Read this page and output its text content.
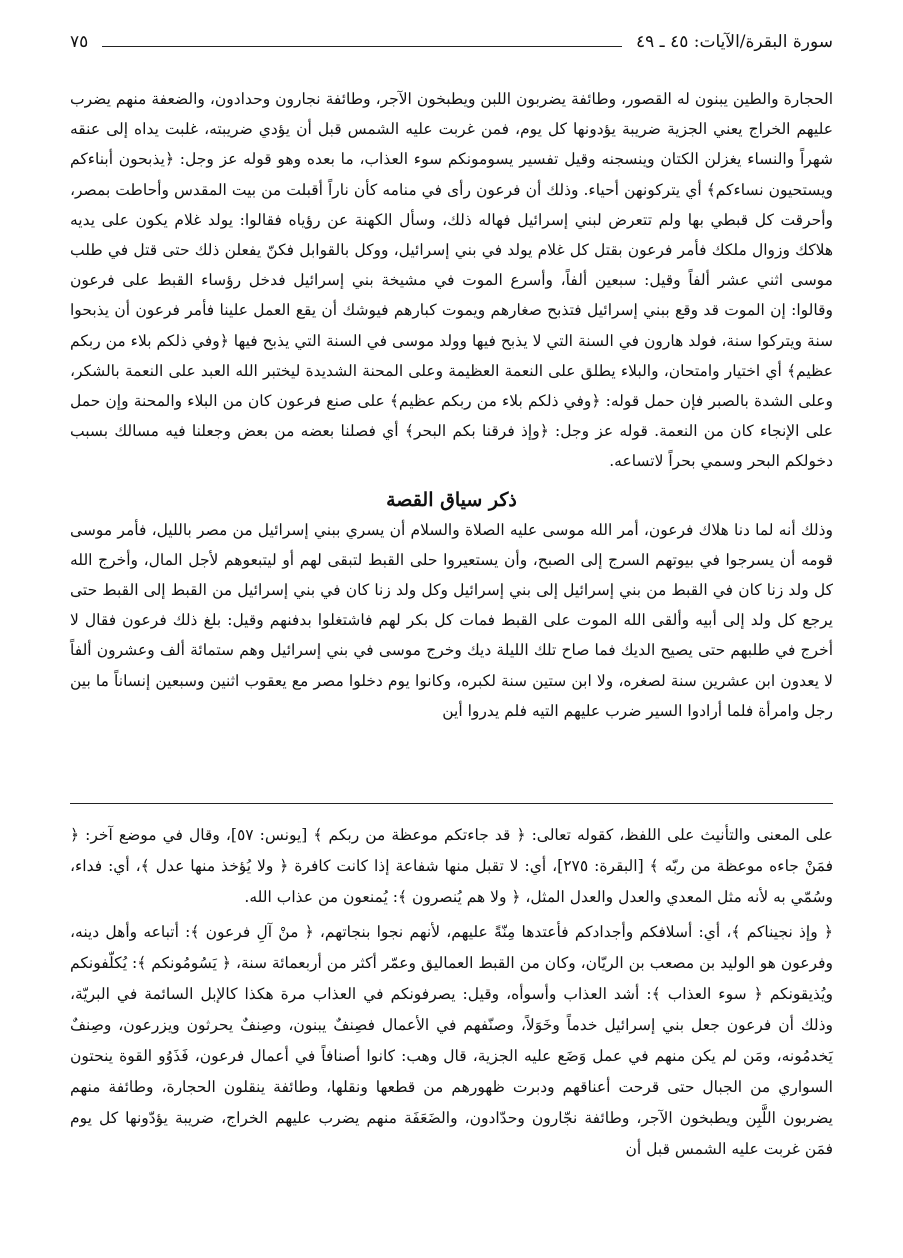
سورة البقرة/الآيات: ٤٥ ـ ٤٩
٧٥

الحجارة والطين يبنون له القصور، وطائفة يضربون اللبن ويطبخون الآجر، وطائفة نجارون وحدادون، والضعفة منهم يضرب عليهم الخراج يعني الجزية ضريبة يؤدونها كل يوم، فمن غربت عليه الشمس قبل أن يؤدي ضريبته، غلبت يداه إلى عنقه شهراً والنساء يغزلن الكتان وينسجنه وقيل تفسير يسومونكم سوء العذاب، ما بعده وهو قوله عز وجل: ﴿يذبحون أبناءكم ويستحيون نساءكم﴾ أي يتركونهن أحياء. وذلك أن فرعون رأى في منامه كأن ناراً أقبلت من بيت المقدس وأحاطت بمصر، وأحرقت كل قبطي بها ولم تتعرض لبني إسرائيل فهاله ذلك، وسأل الكهنة عن رؤياه فقالوا: يولد غلام يكون على يديه هلاكك وزوال ملكك فأمر فرعون بقتل كل غلام يولد في بني إسرائيل، ووكل بالقوابل فكنّ يفعلن ذلك حتى قتل في طلب موسى اثني عشر ألفاً وقيل: سبعين ألفاً، وأسرع الموت في مشيخة بني إسرائيل فدخل رؤساء القبط على فرعون وقالوا: إن الموت قد وقع ببني إسرائيل فتذبح صغارهم ويموت كبارهم فيوشك أن يقع العمل علينا فأمر فرعون أن يذبحوا سنة ويتركوا سنة، فولد هارون في السنة التي لا يذبح فيها وولد موسى في السنة التي يذبح فيها ﴿وفي ذلكم بلاء من ربكم عظيم﴾ أي اختيار وامتحان، والبلاء يطلق على النعمة العظيمة وعلى المحنة الشديدة ليختبر الله العبد على النعمة بالشكر، وعلى الشدة بالصبر فإن حمل قوله: ﴿وفي ذلكم بلاء من ربكم عظيم﴾ على صنع فرعون كان من البلاء والمحنة وإن حمل على الإنجاء كان من النعمة. قوله عز وجل: ﴿وإذ فرقنا بكم البحر﴾ أي فصلنا بعضه من بعض وجعلنا فيه مسالك بسبب دخولكم البحر وسمي بحراً لاتساعه.

ذكر سياق القصة

وذلك أنه لما دنا هلاك فرعون، أمر الله موسى عليه الصلاة والسلام أن يسري ببني إسرائيل من مصر بالليل، فأمر موسى قومه أن يسرجوا في بيوتهم السرج إلى الصبح، وأن يستعيروا حلى القبط لتبقى لهم أو ليتبعوهم لأجل المال، وأخرج الله كل ولد زنا كان في القبط من بني إسرائيل إلى بني إسرائيل وكل ولد زنا كان في بني إسرائيل من القبط إلى القبط حتى يرجع كل ولد إلى أبيه وألقى الله الموت على القبط فمات كل بكر لهم فاشتغلوا بدفنهم وقيل: بلغ ذلك فرعون فقال لا أخرج في طلبهم حتى يصيح الديك فما صاح تلك الليلة ديك وخرج موسى في بني إسرائيل وهم ستمائة ألف وعشرون ألفاً لا يعدون ابن عشرين سنة لصغره، ولا ابن ستين سنة لكبره، وكانوا يوم دخلوا مصر مع يعقوب اثنين وسبعين إنساناً ما بين رجل وامرأة فلما أرادوا السير ضرب عليهم التيه فلم يدروا أين

على المعنى والتأنيث على اللفظ، كقوله تعالى: ﴿ قد جاءتكم موعظة من ربكم ﴾ [يونس: ٥٧]، وقال في موضع آخر: ﴿ فمَنْ جاءه موعظة من ربّه ﴾ [البقرة: ٢٧٥]، أي: لا تقبل منها شفاعة إذا كانت كافرة ﴿ ولا يُؤخذ منها عدل ﴾، أي: فداء، وسُمّي به لأنه مثل المعدي والعدل والعدل المثل، ﴿ ولا هم يُنصرون ﴾: يُمنعون من عذاب الله.

﴿ وإذ نجيناكم ﴾، أي: أسلافكم وأجدادكم فأعتدها مِنّةً عليهم، لأنهم نجوا بنجاتهم، ﴿ منْ آلِ فرعون ﴾: أتباعه وأهل دينه، وفرعون هو الوليد بن مصعب بن الريّان، وكان من القبط العماليق وعمّر أكثر من أربعمائة سنة، ﴿ يَسُومُونكم ﴾: يُكلّفونكم ويُذيقونكم ﴿ سوء العذاب ﴾: أشد العذاب وأسوأه، وقيل: يصرفونكم في العذاب مرة هكذا كالإبل السائمة في البريّة، وذلك أن فرعون جعل بني إسرائيل خدماً وخَوَلاً، وصنّفهم في الأعمال فصِنفٌ يبنون، وصِنفٌ يحرثون ويزرعون، وصِنفٌ يَخدمُونه، ومَن لم يكن منهم في عمل وَضَع عليه الجزية، قال وهب: كانوا أصنافاً في أعمال فرعون، فَذَوُو القوة ينحتون السواري من الجبال حتى قرحت أعناقهم ودبرت ظهورهم من قطعها ونقلها، وطائفة ينقلون الحجارة، وطائفة منهم يضربون اللَّبِن ويطبخون الآجر، وطائفة نجّارون وحدّادون، والضَعَفَة منهم يضرب عليهم الخراج، ضريبة يؤدّونها كل يوم فمَن غربت عليه الشمس قبل أن
